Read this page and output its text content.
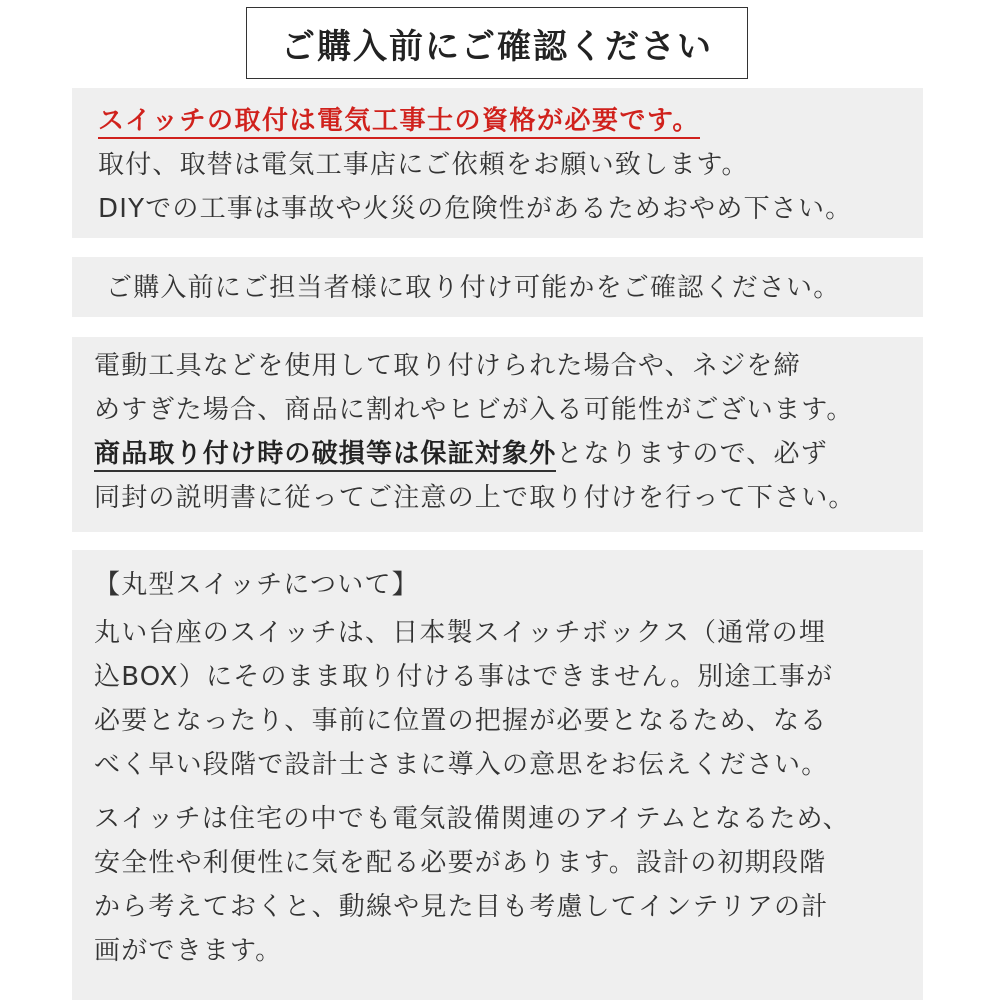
ご購入前にご確認ください
スイッチの取付は電気工事士の資格が必要です。
取付、取替は電気工事店にご依頼をお願い致します。
DIYでの工事は事故や火災の危険性があるためおやめ下さい。
ご購入前にご担当者様に取り付け可能かをご確認ください。
電動工具などを使用して取り付けられた場合や、ネジを締
めすぎた場合、商品に割れやヒビが入る可能性がございます。
商品取り付け時の破損等は保証対象外となりますので、必ず
同封の説明書に従ってご注意の上で取り付けを行って下さい。
【丸型スイッチについて】
丸い台座のスイッチは、日本製スイッチボックス（通常の埋
込BOX）にそのまま取り付ける事はできません。別途工事が
必要となったり、事前に位置の把握が必要となるため、なる
べく早い段階で設計士さまに導入の意思をお伝えください。
スイッチは住宅の中でも電気設備関連のアイテムとなるため、
安全性や利便性に気を配る必要があります。設計の初期段階
から考えておくと、動線や見た目も考慮してインテリアの計
画ができます。
